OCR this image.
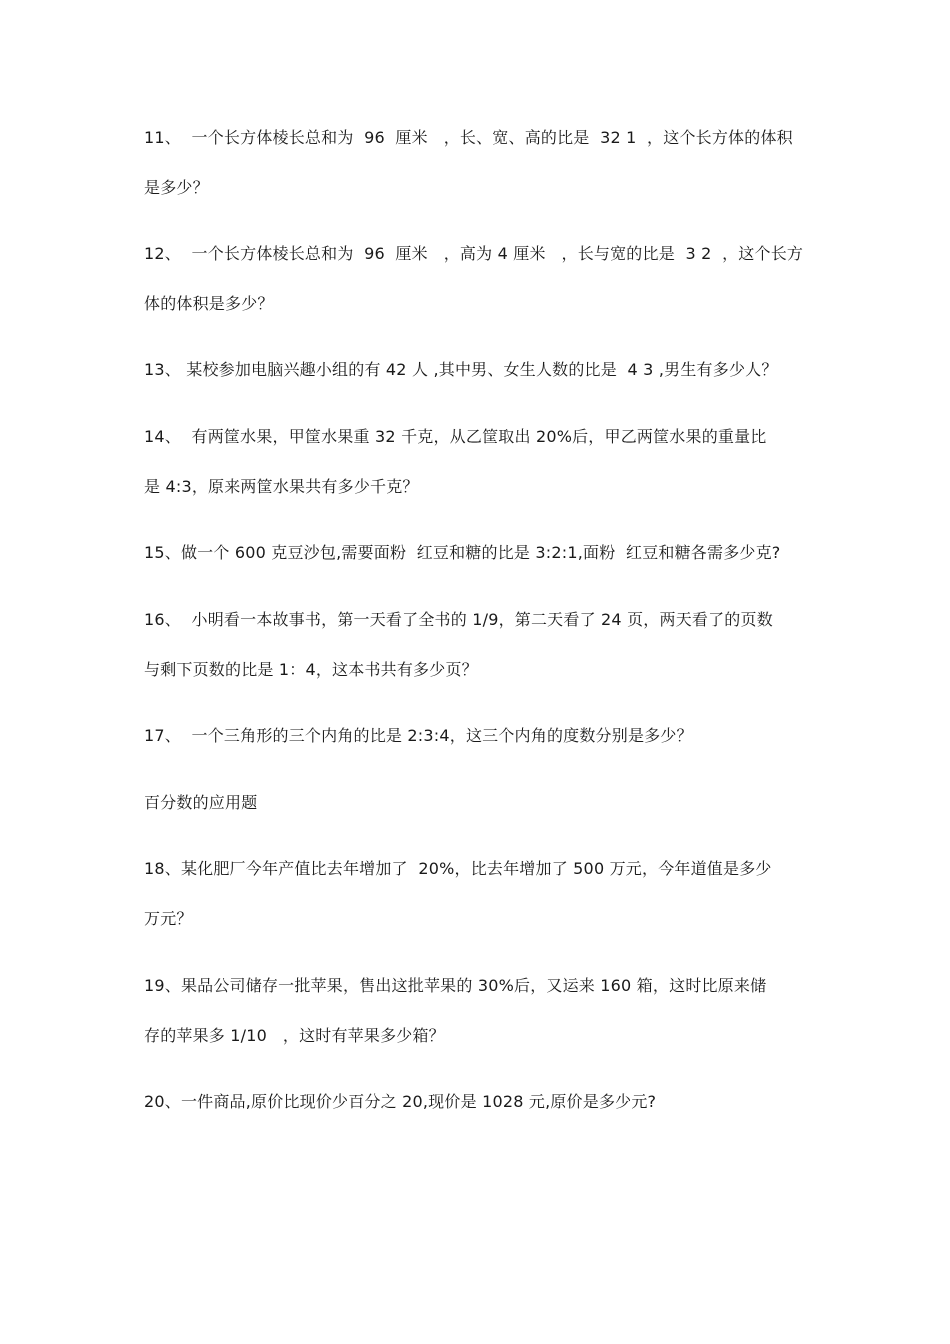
11、  一个长方体棱长总和为  96  厘米   ，长、宽、高的比是  32 1  ，这个长方体的体积
是多少？
12、  一个长方体棱长总和为  96  厘米   ，高为 4 厘米   ，长与宽的比是  3 2  ，这个长方
体的体积是多少？
13、 某校参加电脑兴趣小组的有 42 人 ,其中男、女生人数的比是  4 3 ,男生有多少人？
14、  有两筐水果，甲筐水果重 32 千克，从乙筐取出 20%后，甲乙两筐水果的重量比
是 4:3，原来两筐水果共有多少千克？
15、做一个 600 克豆沙包,需要面粉  红豆和糖的比是 3:2:1,面粉  红豆和糖各需多少克?
16、  小明看一本故事书，第一天看了全书的 1/9，第二天看了 24 页，两天看了的页数
与剩下页数的比是 1：4，这本书共有多少页？
17、  一个三角形的三个内角的比是 2:3:4，这三个内角的度数分别是多少？
百分数的应用题
18、某化肥厂今年产值比去年增加了  20%，比去年增加了 500 万元，今年道值是多少
万元？
19、果品公司储存一批苹果，售出这批苹果的 30%后，又运来 160 箱，这时比原来储
存的苹果多 1/10   ，这时有苹果多少箱？
20、一件商品,原价比现价少百分之 20,现价是 1028 元,原价是多少元?
